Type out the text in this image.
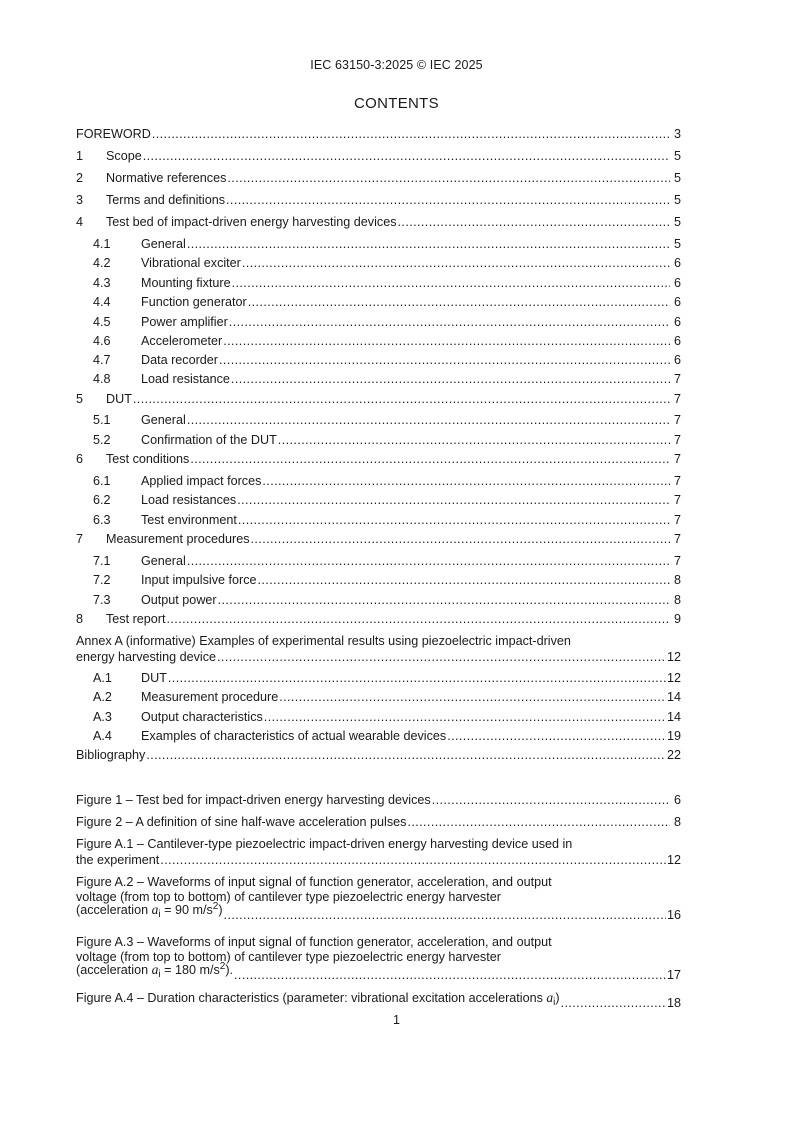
IEC 63150-3:2025 © IEC 2025
CONTENTS
FOREWORD .....	3
1	Scope .....	5
2	Normative references .....	5
3	Terms and definitions .....	5
4	Test bed of impact-driven energy harvesting devices .....	5
4.1	General .....	5
4.2	Vibrational exciter .....	6
4.3	Mounting fixture .....	6
4.4	Function generator .....	6
4.5	Power amplifier .....	6
4.6	Accelerometer .....	6
4.7	Data recorder .....	6
4.8	Load resistance .....	7
5	DUT .....	7
5.1	General .....	7
5.2	Confirmation of the DUT .....	7
6	Test conditions .....	7
6.1	Applied impact forces .....	7
6.2	Load resistances .....	7
6.3	Test environment .....	7
7	Measurement procedures .....	7
7.1	General .....	7
7.2	Input impulsive force .....	8
7.3	Output power .....	8
8	Test report .....	9
Annex A (informative) Examples of experimental results using piezoelectric impact-driven
energy harvesting device .....	12
A.1	DUT .....	12
A.2	Measurement procedure .....	14
A.3	Output characteristics .....	14
A.4	Examples of characteristics of actual wearable devices .....	19
Bibliography .....	22
Figure 1 – Test bed for impact-driven energy harvesting devices .....	6
Figure 2 – A definition of sine half-wave acceleration pulses .....	8
Figure A.1 – Cantilever-type piezoelectric impact-driven energy harvesting device used in
the experiment .....	12
Figure A.2 – Waveforms of input signal of function generator, acceleration, and output
voltage (from top to bottom) of cantilever type piezoelectric energy harvester
(acceleration $a_i = 90$ $m/s^2$) .....	16
Figure A.3 – Waveforms of input signal of function generator, acceleration, and output
voltage (from top to bottom) of cantilever type piezoelectric energy harvester
(acceleration $a_i = 180$ $m/s^2$). .....	17
Figure A.4 – Duration characteristics (parameter: vibrational excitation accelerations $a_i$) .....	18
1
